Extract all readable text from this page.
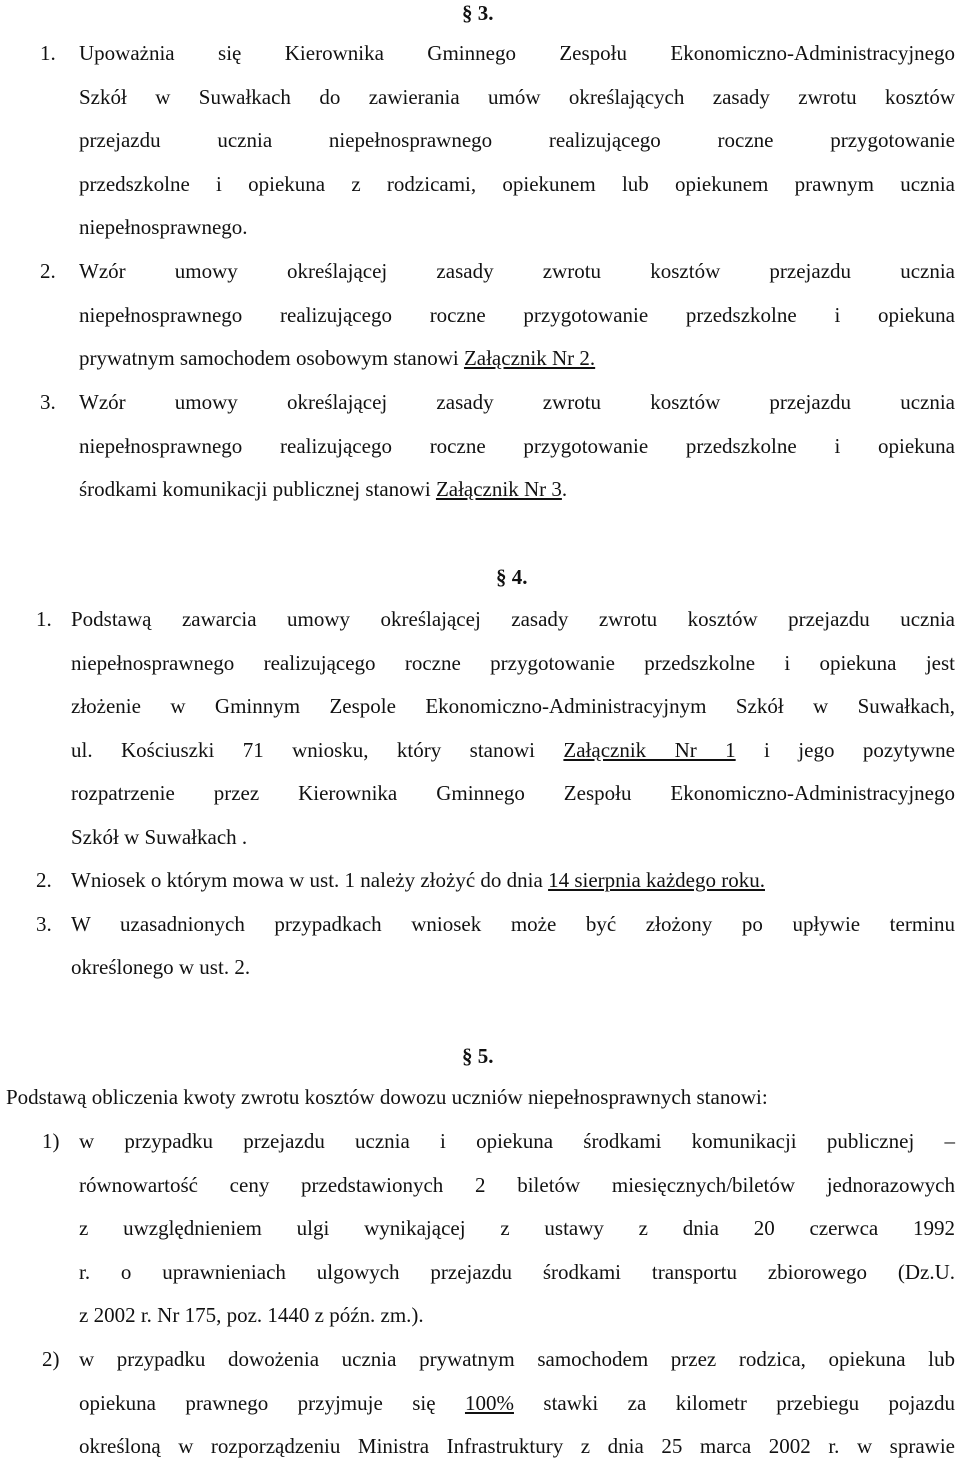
§ 3.
1. Upoważnia się Kierownika Gminnego Zespołu Ekonomiczno-Administracyjnego
Szkół w Suwałkach do zawierania umów określających zasady zwrotu kosztów
przejazdu ucznia niepełnosprawnego realizującego roczne przygotowanie
przedszkolne i opiekuna z rodzicami, opiekunem lub opiekunem prawnym ucznia
niepełnosprawnego.
2. Wzór umowy określającej zasady zwrotu kosztów przejazdu ucznia
niepełnosprawnego realizującego roczne przygotowanie przedszkolne i opiekuna
prywatnym samochodem osobowym stanowi Załącznik Nr 2.
3. Wzór umowy określającej zasady zwrotu kosztów przejazdu ucznia
niepełnosprawnego realizującego roczne przygotowanie przedszkolne i opiekuna
środkami komunikacji publicznej stanowi Załącznik Nr 3.
§ 4.
1. Podstawą zawarcia umowy określającej zasady zwrotu kosztów przejazdu ucznia
niepełnosprawnego realizującego roczne przygotowanie przedszkolne i opiekuna jest
złożenie w Gminnym Zespole Ekonomiczno-Administracyjnym Szkół w Suwałkach,
ul. Kościuszki 71 wniosku, który stanowi Załącznik Nr 1 i jego pozytywne
rozpatrzenie przez Kierownika Gminnego Zespołu Ekonomiczno-Administracyjnego
Szkół w Suwałkach .
2. Wniosek o którym mowa w ust. 1 należy złożyć do dnia 14 sierpnia każdego roku.
3. W uzasadnionych przypadkach wniosek może być złożony po upływie terminu
określonego w ust. 2.
§ 5.
Podstawą obliczenia kwoty zwrotu kosztów dowozu uczniów niepełnosprawnych stanowi:
1) w przypadku przejazdu ucznia i opiekuna środkami komunikacji publicznej –
równowartość ceny przedstawionych 2 biletów miesięcznych/biletów jednorazowych
z uwzględnieniem ulgi wynikającej z ustawy z dnia 20 czerwca 1992
r. o uprawnieniach ulgowych przejazdu środkami transportu zbiorowego (Dz.U.
z 2002 r. Nr 175, poz. 1440 z późn. zm.).
2) w przypadku dowożenia ucznia prywatnym samochodem przez rodzica, opiekuna lub
opiekuna prawnego przyjmuje się 100% stawki za kilometr przebiegu pojazdu
określoną w rozporządzeniu Ministra Infrastruktury z dnia 25 marca 2002 r. w sprawie
